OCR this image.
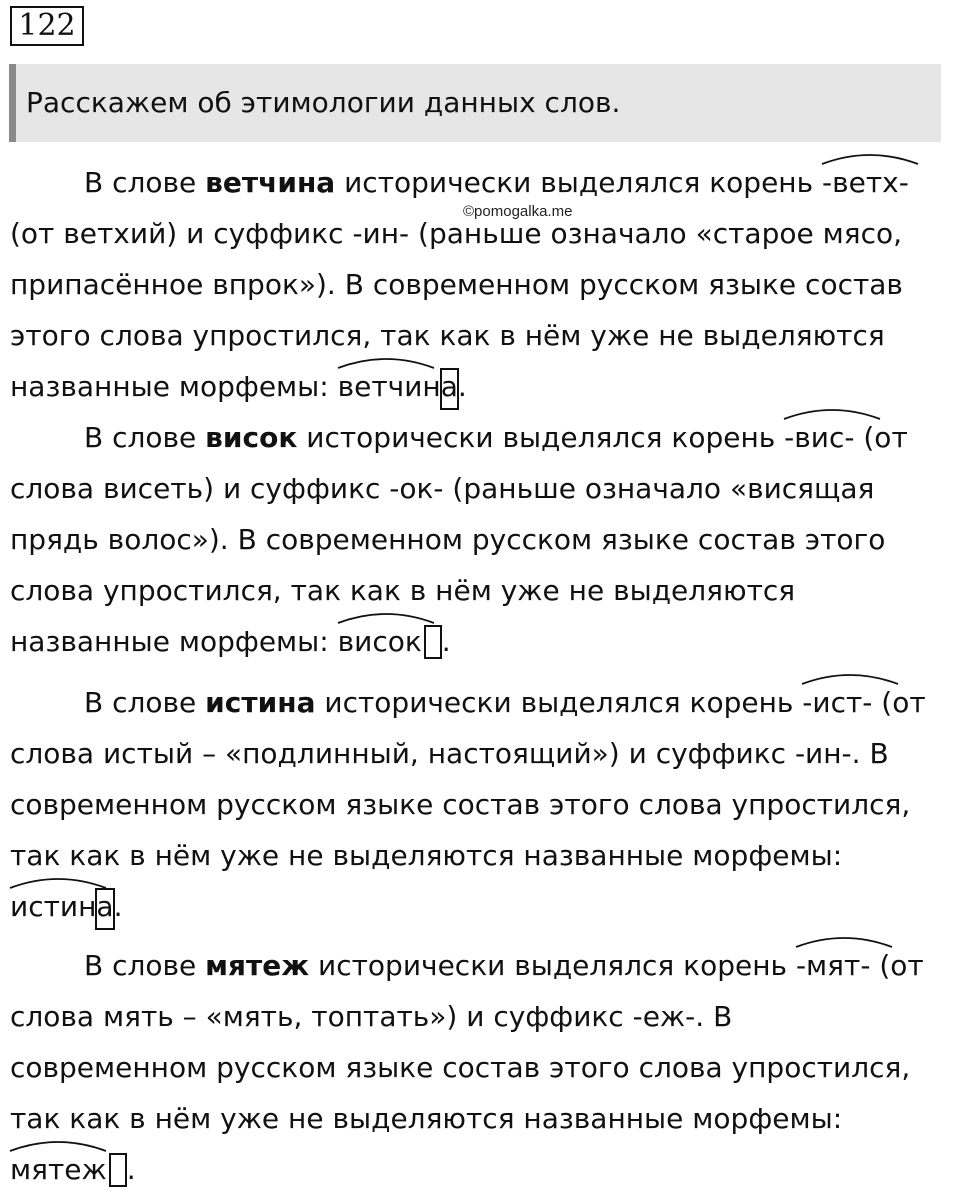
122
Расскажем об этимологии данных слов.
©pomogalka.me
В слове ветчина исторически выделялся корень
-ветх-
(от ветхий) и суффикс -ин- (раньше означало «старое мясо,
припасённое впрок»). В современном русском языке состав
этого слова упростился, так как в нём уже не выделяются
названные морфемы:
ветчина.
В слове висок исторически выделялся корень
-вис- (от
слова висеть) и суффикс -ок- (раньше означало «висящая
прядь волос»). В современном русском языке состав этого
слова упростился, так как в нём уже не выделяются
названные морфемы:
висок .
В слове истина исторически выделялся корень
-ист- (от
слова истый – «подлинный, настоящий») и суффикс -ин-. В
современном русском языке состав этого слова упростился,
так как в нём уже не выделяются названные морфемы:
истина.
В слове мятеж исторически выделялся корень
-мят- (от
слова мять – «мять, топтать») и суффикс -еж-. В
современном русском языке состав этого слова упростился,
так как в нём уже не выделяются названные морфемы:
мятеж .
